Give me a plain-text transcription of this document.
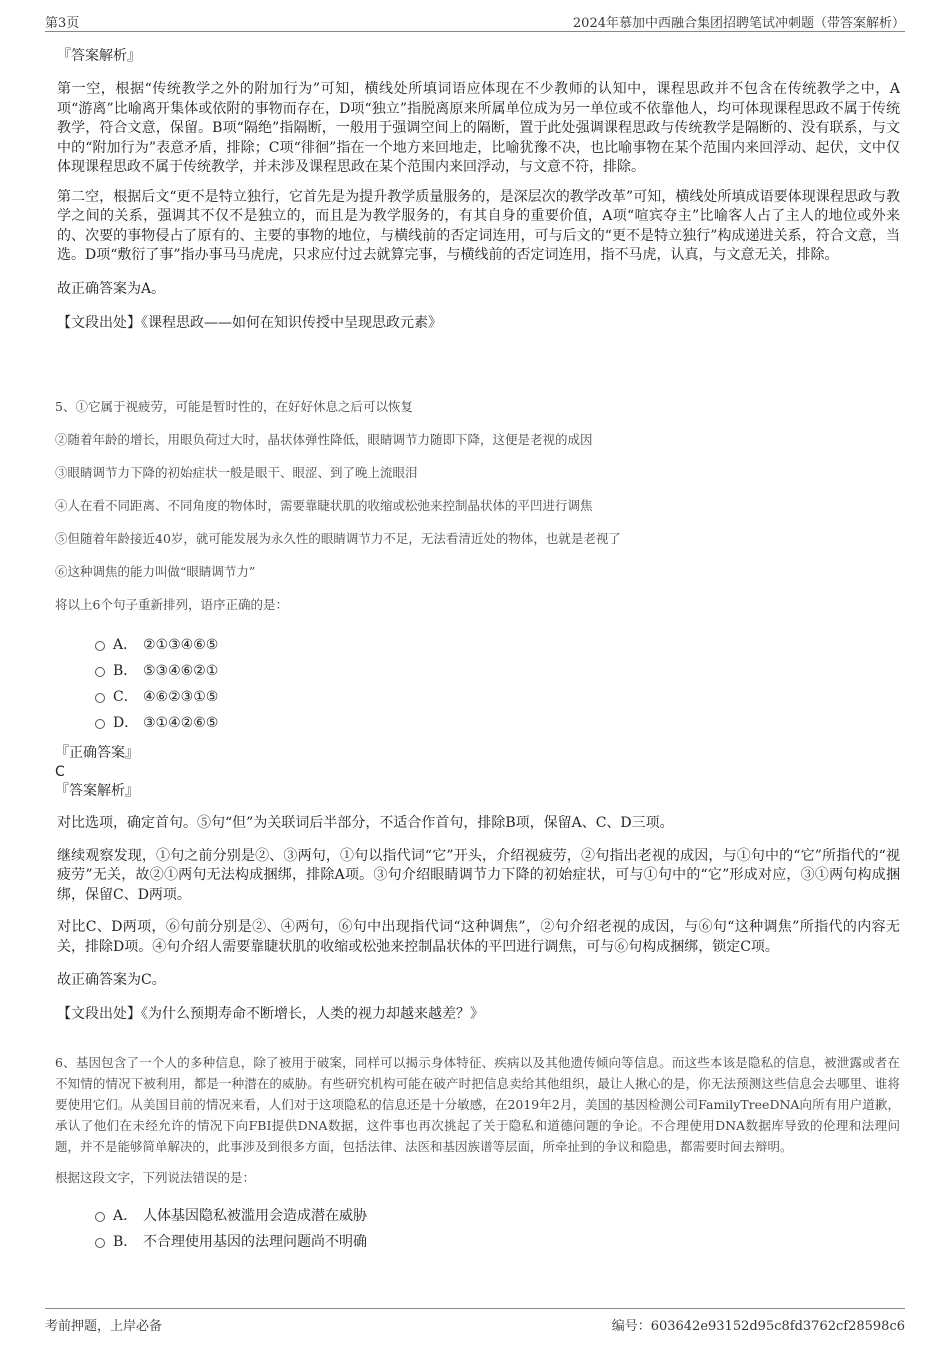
第3页	2024年慕加中西融合集团招聘笔试冲刺题（带答案解析）
『答案解析』
第一空，根据“传统教学之外的附加行为”可知，横线处所填词语应体现在不少教师的认知中，课程思政并不包含在传统教学之中，A项“游离”比喻离开集体或依附的事物而存在，D项“独立”指脱离原来所属单位成为另一单位或不依靠他人，均可体现课程思政不属于传统教学，符合文意，保留。B项“隔绝”指隔断，一般用于强调空间上的隔断，置于此处强调课程思政与传统教学是隔断的、没有联系，与文中的“附加行为”表意矛盾，排除；C项“徘徊”指在一个地方来回地走，比喻犹豫不决，也比喻事物在某个范围内来回浮动、起伏，文中仅体现课程思政不属于传统教学，并未涉及课程思政在某个范围内来回浮动，与文意不符，排除。
第二空，根据后文“更不是特立独行，它首先是为提升教学质量服务的，是深层次的教学改革”可知，横线处所填成语要体现课程思政与教学之间的关系，强调其不仅不是独立的，而且是为教学服务的，有其自身的重要价值，A项“喧宾夺主”比喻客人占了主人的地位或外来的、次要的事物侵占了原有的、主要的事物的地位，与横线前的否定词连用，可与后文的“更不是特立独行”构成递进关系，符合文意，当选。D项“敷衍了事”指办事马马虎虎，只求应付过去就算完事，与横线前的否定词连用，指不马虎，认真，与文意无关，排除。
故正确答案为A。
【文段出处】《课程思政——如何在知识传授中呈现思政元素》
5、①它属于视疲劳，可能是暂时性的，在好好休息之后可以恢复
②随着年龄的增长，用眼负荷过大时，晶状体弹性降低，眼睛调节力随即下降，这便是老视的成因
③眼睛调节力下降的初始症状一般是眼干、眼涩、到了晚上流眼泪
④人在看不同距离、不同角度的物体时，需要靠睫状肌的收缩或松弛来控制晶状体的平凹进行调焦
⑤但随着年龄接近40岁，就可能发展为永久性的眼睛调节力不足，无法看清近处的物体，也就是老视了
⑥这种调焦的能力叫做“眼睛调节力”
将以上6个句子重新排列，语序正确的是：
A． ②①③④⑥⑤
B． ⑤③④⑥②①
C． ④⑥②③①⑤
D． ③①④②⑥⑤
『正确答案』
C
『答案解析』
对比选项，确定首句。⑤句“但”为关联词后半部分，不适合作首句，排除B项，保留A、C、D三项。
继续观察发现，①句之前分别是②、③两句，①句以指代词“它”开头，介绍视疲劳，②句指出老视的成因，与①句中的“它”所指代的“视疲劳”无关，故②①两句无法构成捆绑，排除A项。③句介绍眼睛调节力下降的初始症状，可与①句中的“它”形成对应，③①两句构成捆绑，保留C、D两项。
对比C、D两项，⑥句前分别是②、④两句，⑥句中出现指代词“这种调焦”，②句介绍老视的成因，与⑥句“这种调焦”所指代的内容无关，排除D项。④句介绍人需要靠睫状肌的收缩或松弛来控制晶状体的平凹进行调焦，可与⑥句构成捆绑，锁定C项。
故正确答案为C。
【文段出处】《为什么预期寿命不断增长，人类的视力却越来越差？》
6、基因包含了一个人的多种信息，除了被用于破案，同样可以揭示身体特征、疾病以及其他遗传倾向等信息。而这些本该是隐私的信息，被泄露或者在不知情的情况下被利用，都是一种潜在的威胁。有些研究机构可能在破产时把信息卖给其他组织，最让人揪心的是，你无法预测这些信息会去哪里、谁将要使用它们。从美国目前的情况来看，人们对于这项隐私的信息还是十分敏感，在2019年2月，美国的基因检测公司FamilyTreeDNA向所有用户道歉，承认了他们在未经允许的情况下向FBI提供DNA数据，这件事也再次挑起了关于隐私和道德问题的争论。不合理使用DNA数据库导致的伦理和法理问题，并不是能够简单解决的，此事涉及到很多方面，包括法律、法医和基因族谱等层面，所牵扯到的争议和隐患，都需要时间去辩明。
根据这段文字，下列说法错误的是：
A． 人体基因隐私被滥用会造成潜在威胁
B． 不合理使用基因的法理问题尚不明确
考前押题，上岸必备	编号：603642e93152d95c8fd3762cf28598c6
